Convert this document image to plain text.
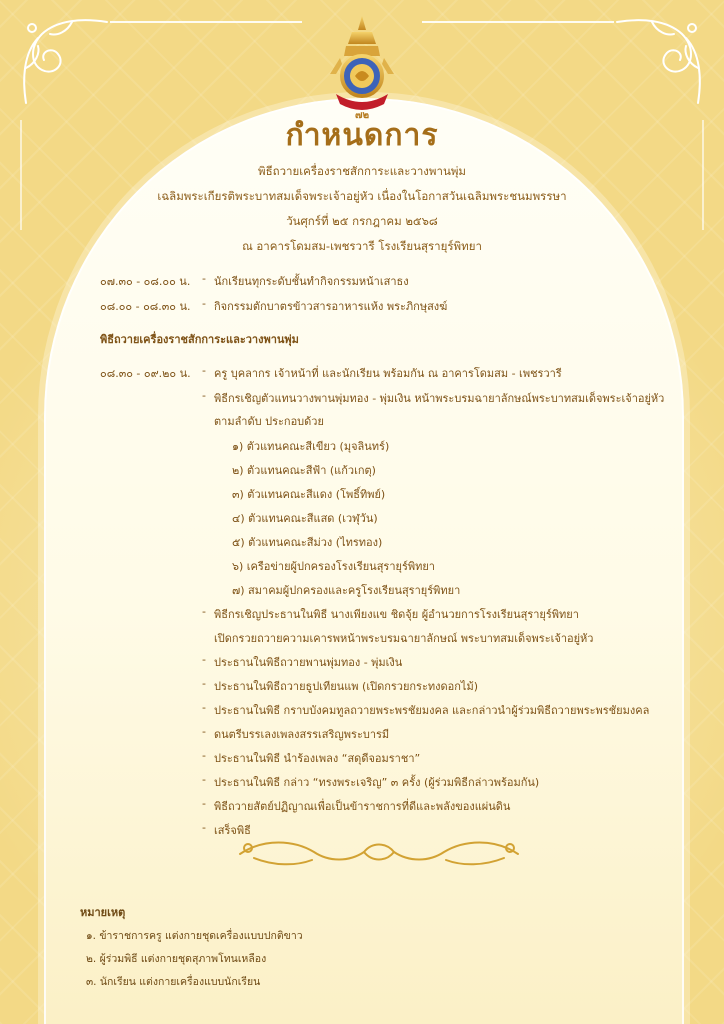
๗๒
กำหนดการ
พิธีถวายเครื่องราชสักการะและวางพานพุ่ม
เฉลิมพระเกียรติพระบาทสมเด็จพระเจ้าอยู่หัว เนื่องในโอกาสวันเฉลิมพระชนมพรรษา
วันศุกร์ที่ ๒๕ กรกฎาคม ๒๕๖๘
ณ อาคารโดมสม-เพชรวารี โรงเรียนสุรายุร์พิทยา
๐๗.๓๐ - ๐๘.๐๐ น. - นักเรียนทุกระดับชั้นทำกิจกรรมหน้าเสาธง
๐๘.๐๐ - ๐๘.๓๐ น. - กิจกรรมตักบาตรข้าวสารอาหารแห้ง พระภิกษุสงฆ์
พิธีถวายเครื่องราชสักการะและวางพานพุ่ม
๐๘.๓๐ - ๐๙.๒๐ น. - ครู บุคลากร เจ้าหน้าที่ และนักเรียน พร้อมกัน ณ อาคารโดมสม - เพชรวารี
- พิธีกรเชิญตัวแทนวางพานพุ่มทอง - พุ่มเงิน หน้าพระบรมฉายาลักษณ์พระบาทสมเด็จพระเจ้าอยู่หัว
ตามลำดับ ประกอบด้วย
๑) ตัวแทนคณะสีเขียว (มุจลินทร์)
๒) ตัวแทนคณะสีฟ้า (แก้วเกตุ)
๓) ตัวแทนคณะสีแดง (โพธิ์ทิพย์)
๔) ตัวแทนคณะสีแสด (เวฬุวัน)
๕) ตัวแทนคณะสีม่วง (ไทรทอง)
๖) เครือข่ายผู้ปกครองโรงเรียนสุรายุร์พิทยา
๗) สมาคมผู้ปกครองและครูโรงเรียนสุรายุร์พิทยา
- พิธีกรเชิญประธานในพิธี นางเพียงแข ชิดจุ้ย ผู้อำนวยการโรงเรียนสุรายุร์พิทยา
เปิดกรวยถวายความเคารพหน้าพระบรมฉายาลักษณ์ พระบาทสมเด็จพระเจ้าอยู่หัว
- ประธานในพิธีถวายพานพุ่มทอง - พุ่มเงิน
- ประธานในพิธีถวายธูปเทียนแพ (เปิดกรวยกระทงดอกไม้)
- ประธานในพิธี กราบบังคมทูลถวายพระพรชัยมงคล และกล่าวนำผู้ร่วมพิธีถวายพระพรชัยมงคล
- ดนตรีบรรเลงเพลงสรรเสริญพระบารมี
- ประธานในพิธี นำร้องเพลง “สดุดีจอมราชา”
- ประธานในพิธี กล่าว “ทรงพระเจริญ” ๓ ครั้ง (ผู้ร่วมพิธีกล่าวพร้อมกัน)
- พิธีถวายสัตย์ปฏิญาณเพื่อเป็นข้าราชการที่ดีและพลังของแผ่นดิน
- เสร็จพิธี
หมายเหตุ
๑. ข้าราชการครู แต่งกายชุดเครื่องแบบปกติขาว
๒. ผู้ร่วมพิธี แต่งกายชุดสุภาพโทนเหลือง
๓. นักเรียน แต่งกายเครื่องแบบนักเรียน
